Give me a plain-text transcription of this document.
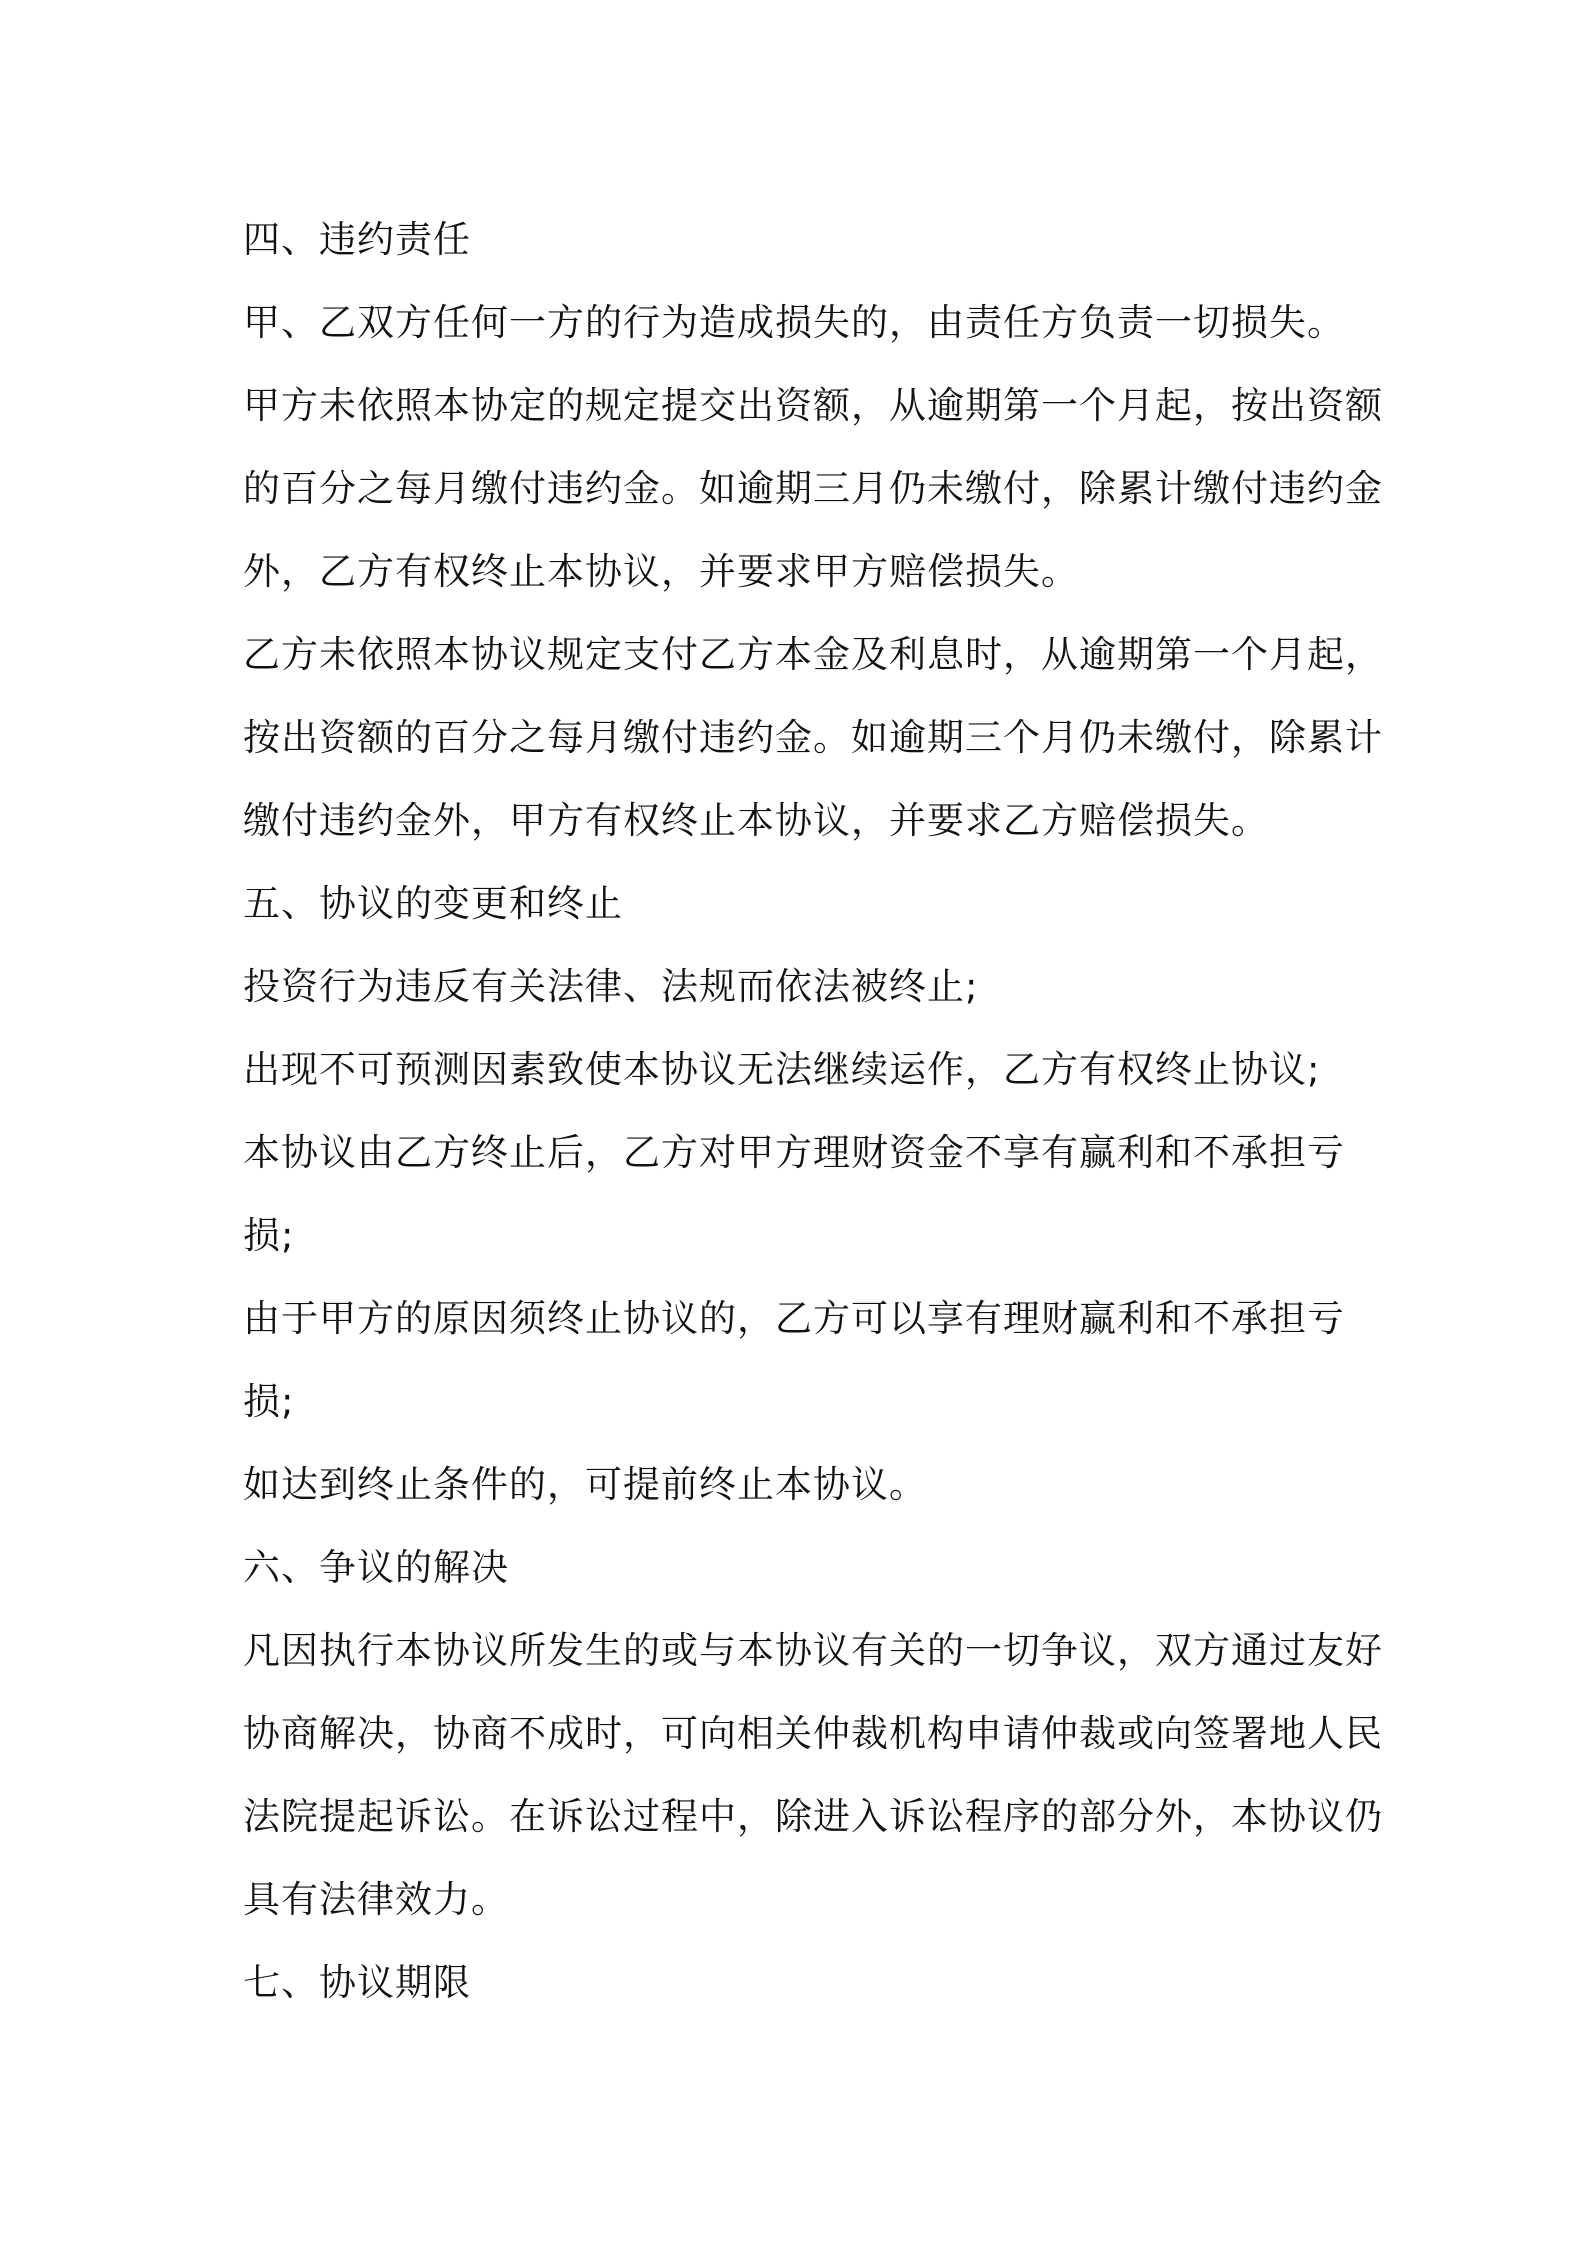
四、违约责任
甲、乙双方任何一方的行为造成损失的，由责任方负责一切损失。
甲方未依照本协定的规定提交出资额，从逾期第一个月起，按出资额
的百分之每月缴付违约金。如逾期三月仍未缴付，除累计缴付违约金
外，乙方有权终止本协议，并要求甲方赔偿损失。
乙方未依照本协议规定支付乙方本金及利息时，从逾期第一个月起，
按出资额的百分之每月缴付违约金。如逾期三个月仍未缴付，除累计
缴付违约金外，甲方有权终止本协议，并要求乙方赔偿损失。
五、协议的变更和终止
投资行为违反有关法律、法规而依法被终止;
出现不可预测因素致使本协议无法继续运作，乙方有权终止协议;
本协议由乙方终止后，乙方对甲方理财资金不享有赢利和不承担亏
损;
由于甲方的原因须终止协议的，乙方可以享有理财赢利和不承担亏
损;
如达到终止条件的，可提前终止本协议。
六、争议的解决
凡因执行本协议所发生的或与本协议有关的一切争议，双方通过友好
协商解决，协商不成时，可向相关仲裁机构申请仲裁或向签署地人民
法院提起诉讼。在诉讼过程中，除进入诉讼程序的部分外，本协议仍
具有法律效力。
七、协议期限
